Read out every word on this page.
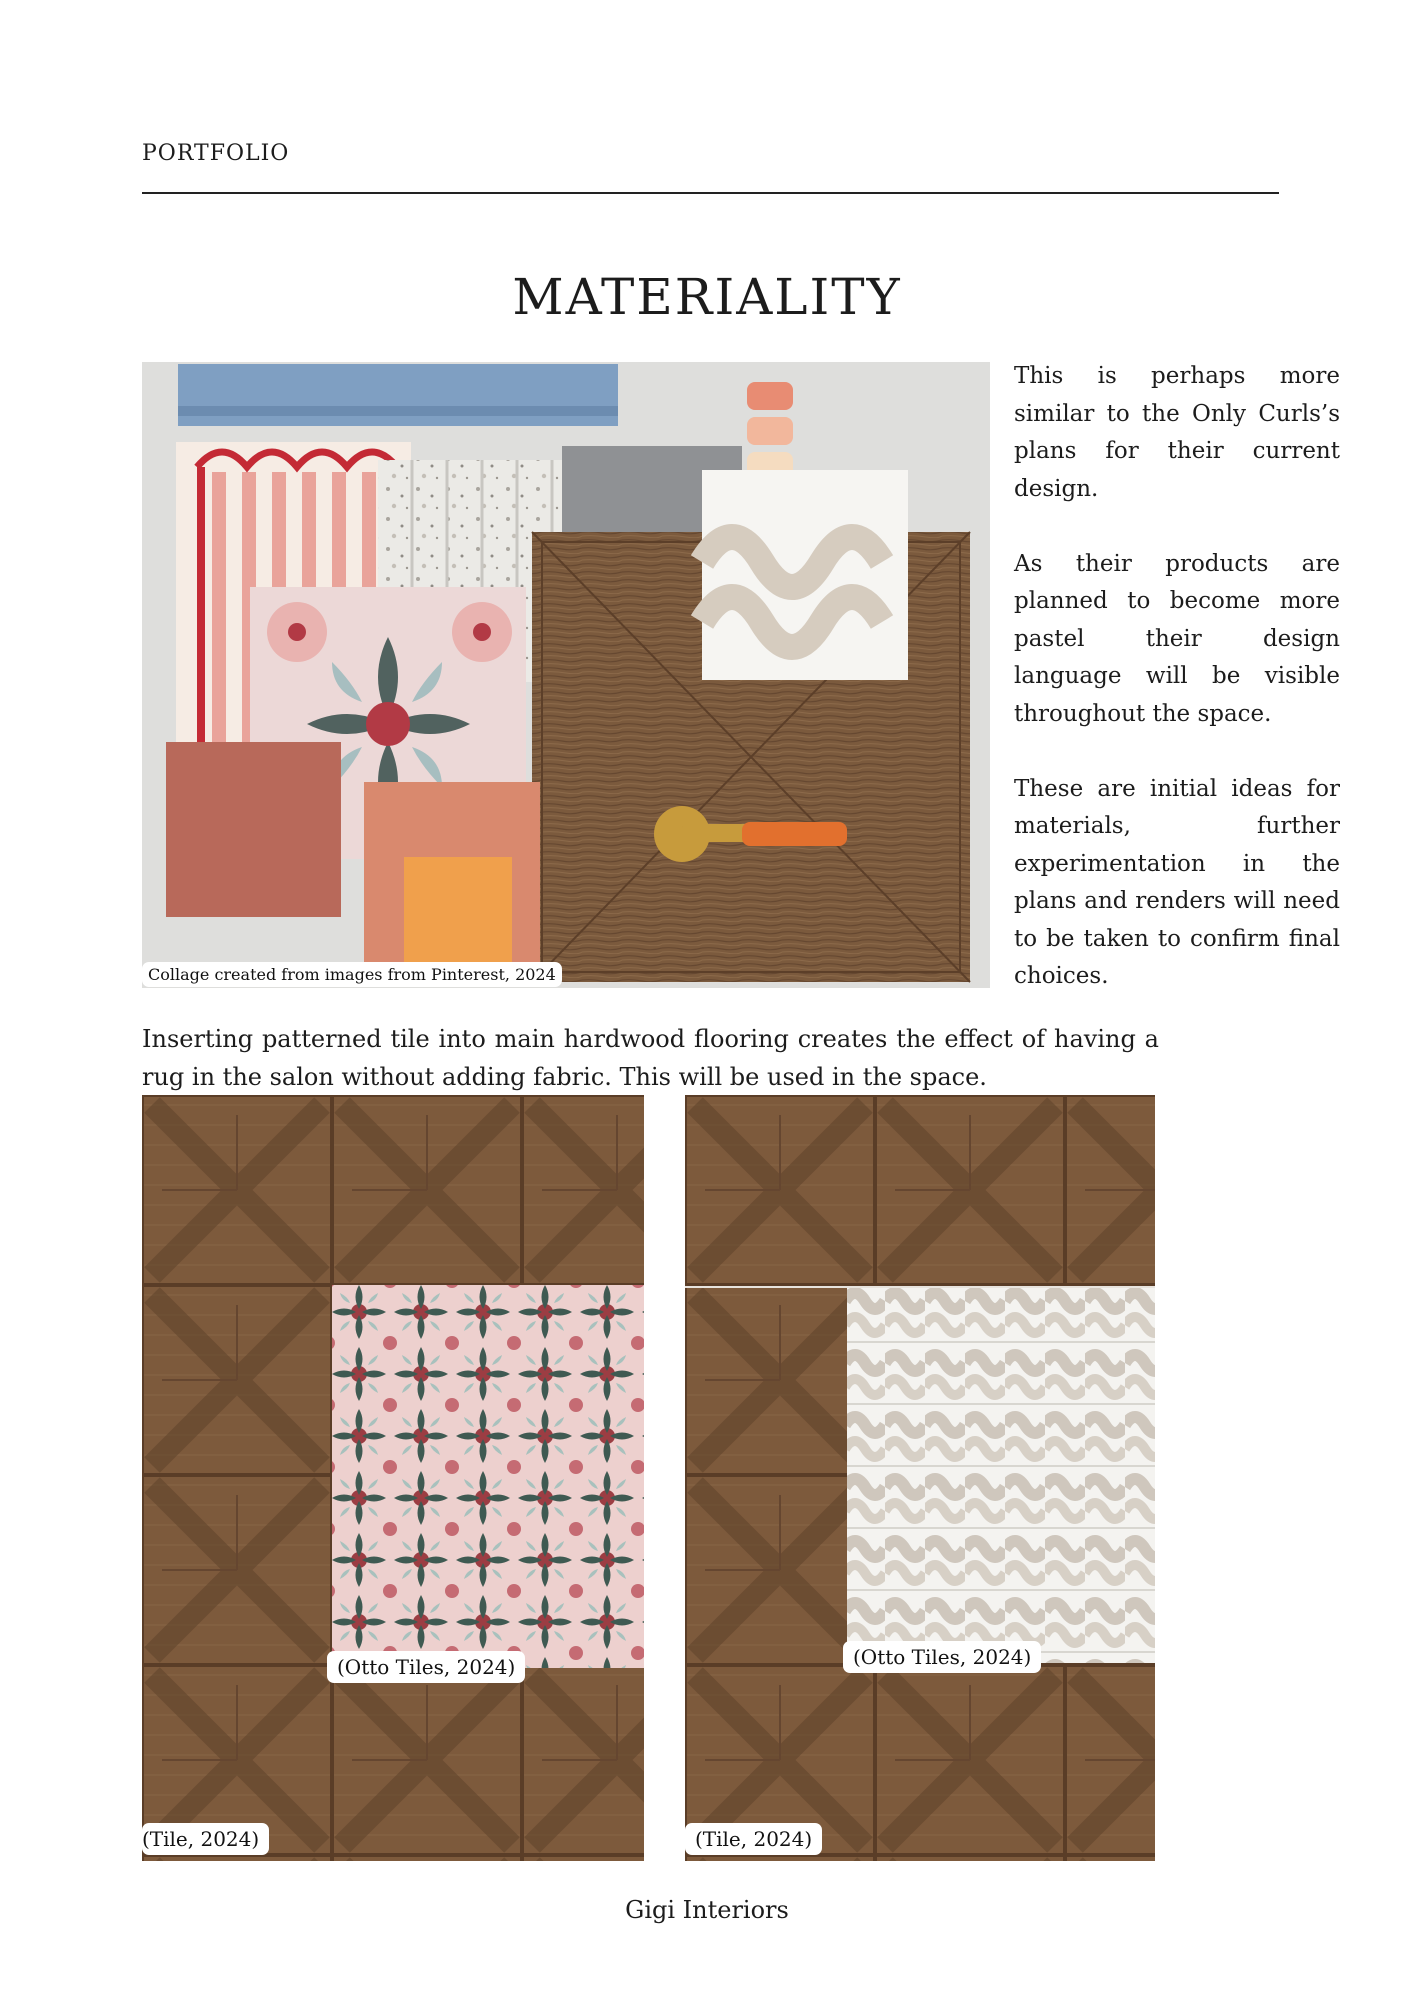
PORTFOLIO
MATERIALITY
Collage created from images from Pinterest, 2024

This is perhaps more similar to the Only Curls’s plans for their current design.

As their products are planned to become more pastel their design language will be visible throughout the space.

These are initial ideas for materials, further experimentation in the plans and renders will need to be taken to confirm final choices.

Inserting patterned tile into main hardwood flooring creates the effect of having a rug in the salon without adding fabric. This will be used in the space.
(Otto Tiles, 2024)
(Tile, 2024)
(Otto Tiles, 2024)
(Tile, 2024)
Gigi Interiors
